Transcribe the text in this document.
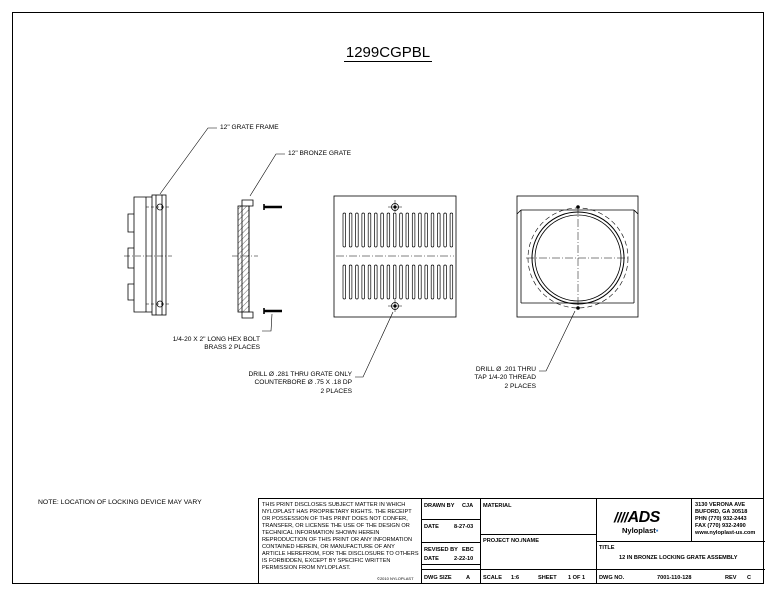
1299CGPBL
12" GRATE FRAME
12" BRONZE GRATE
1/4-20 X 2" LONG HEX BOLT
BRASS 2 PLACES
DRILL Ø .281 THRU GRATE ONLY
COUNTERBORE Ø .75 X .18 DP
2 PLACES
DRILL Ø .201 THRU
TAP 1/4-20 THREAD
2 PLACES
NOTE: LOCATION OF LOCKING DEVICE MAY VARY	THIS PRINT DISCLOSES SUBJECT MATTER IN WHICH
NYLOPLAST HAS PROPRIETARY RIGHTS. THE RECEIPT
OR POSSESSION OF THIS PRINT DOES NOT CONFER,
TRANSFER, OR LICENSE THE USE OF THE DESIGN OR
TECHNICAL INFORMATION SHOWN HEREIN
REPRODUCTION OF THIS PRINT OR ANY INFORMATION
CONTAINED HEREIN, OR MANUFACTURE OF ANY
ARTICLE HEREFROM, FOR THE DISCLOSURE TO OTHERS
IS FORBIDDEN, EXCEPT BY SPECIFIC WRITTEN
PERMISSION FROM NYLOPLAST.
©2010 NYLOPLAST
DRAWN BY CJA
DATE	8-27-03
REVISED BY EBC
DATE	2-22-10
DWG SIZE	A
MATERIAL
PROJECT NO./NAME
SCALE 1:6	SHEET 1 OF 1
////ADS
Nyloplast▪
3130 VERONA AVE
BUFORD, GA 30518
PHN (770) 932-2443
FAX (770) 932-2490
www.nyloplast-us.com
TITLE
12 IN BRONZE LOCKING GRATE ASSEMBLY
DWG NO.	7001-110-128	REV C
